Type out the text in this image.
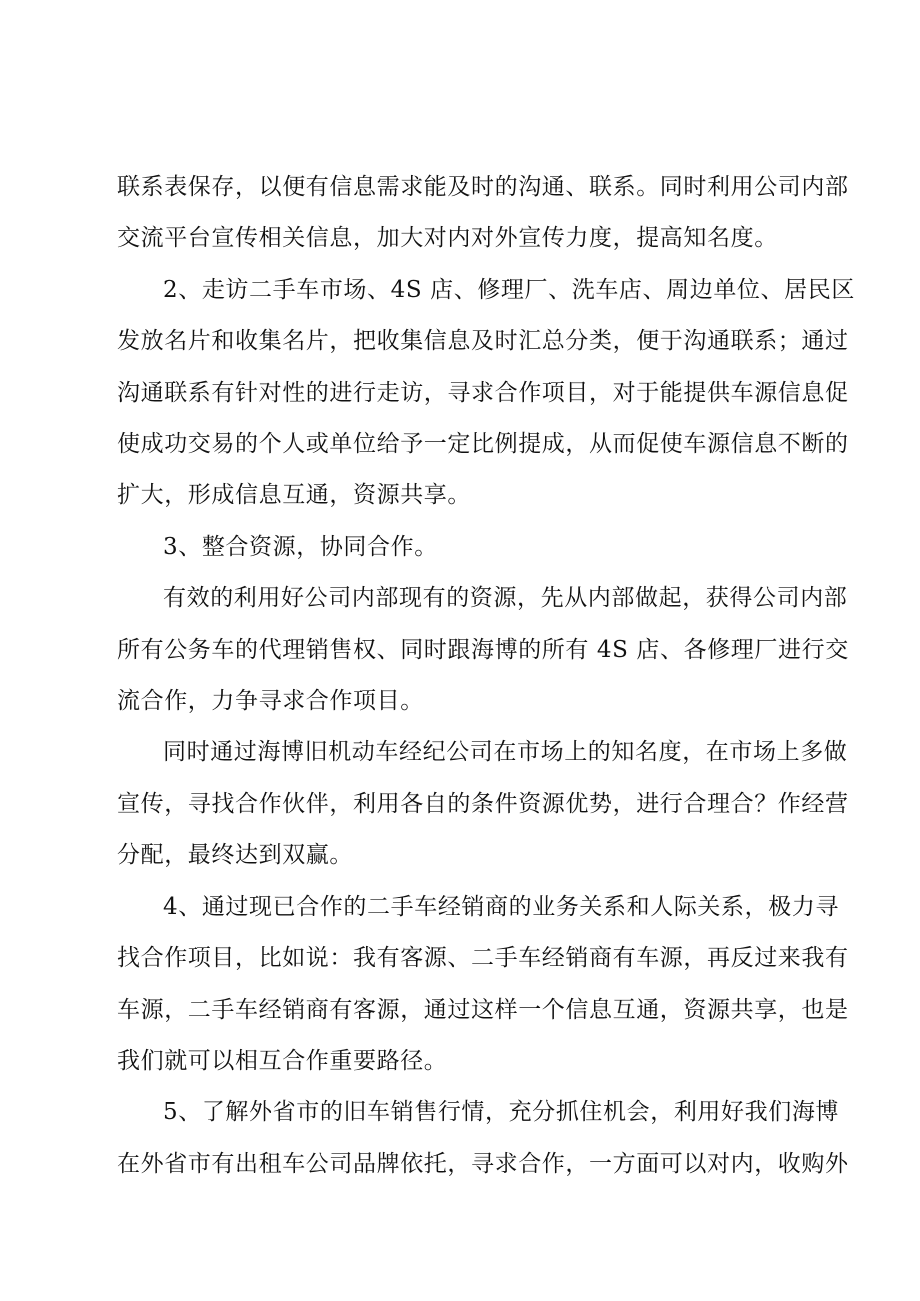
联系表保存，以便有信息需求能及时的沟通、联系。同时利用公司内部
交流平台宣传相关信息，加大对内对外宣传力度，提高知名度。
2、走访二手车市场、4S 店、修理厂、洗车店、周边单位、居民区
发放名片和收集名片，把收集信息及时汇总分类，便于沟通联系；通过
沟通联系有针对性的进行走访，寻求合作项目，对于能提供车源信息促
使成功交易的个人或单位给予一定比例提成，从而促使车源信息不断的
扩大，形成信息互通，资源共享。
3、整合资源，协同合作。
有效的利用好公司内部现有的资源，先从内部做起，获得公司内部
所有公务车的代理销售权、同时跟海博的所有 4S 店、各修理厂进行交
流合作，力争寻求合作项目。
同时通过海博旧机动车经纪公司在市场上的知名度，在市场上多做
宣传，寻找合作伙伴，利用各自的条件资源优势，进行合理合？作经营
分配，最终达到双赢。
4、通过现已合作的二手车经销商的业务关系和人际关系，极力寻
找合作项目，比如说：我有客源、二手车经销商有车源，再反过来我有
车源，二手车经销商有客源，通过这样一个信息互通，资源共享，也是
我们就可以相互合作重要路径。
5、了解外省市的旧车销售行情，充分抓住机会，利用好我们海博
在外省市有出租车公司品牌依托，寻求合作，一方面可以对内，收购外
